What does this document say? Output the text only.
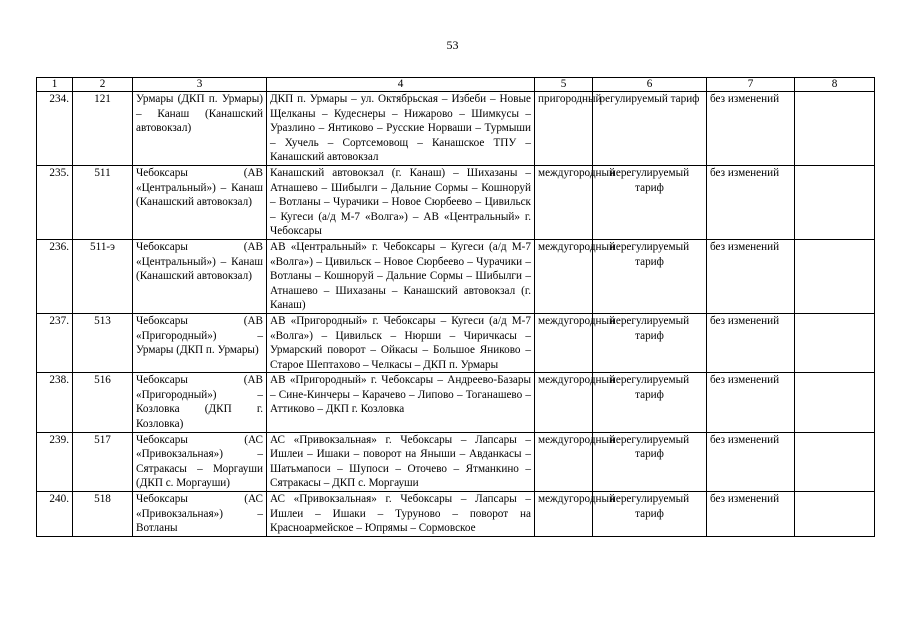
53
1	2	3	4	5	6	7	8
234.	121	Урмары (ДКП п. Урмары) – Канаш (Канашский автовокзал)	ДКП п. Урмары – ул. Октябрьская – Избеби – Новые Щелканы – Кудеснеры – Нижарово – Шимкусы – Уразлино – Янтиково – Русские Норваши – Турмыши – Хучель – Сортсемовощ – Канашское ТПУ – Канашский автовокзал	пригородный	регулируемый тариф	без изменений	
235.	511	Чебоксары (АВ «Центральный») – Канаш (Канашский автовокзал)	Канашский автовокзал (г. Канаш) – Шихазаны – Атнашево – Шибылги – Дальние Сормы – Кошноруй – Вотланы – Чурачики – Новое Сюрбеево – Цивильск – Кугеси (а/д М-7 «Волга») – АВ «Центральный» г. Чебоксары	междугородный	нерегулируемый тариф	без изменений	
236.	511-э	Чебоксары (АВ «Центральный») – Канаш (Канашский автовокзал)	АВ «Центральный» г. Чебоксары – Кугеси (а/д М-7 «Волга») – Цивильск – Новое Сюрбеево – Чурачики – Вотланы – Кошноруй – Дальние Сормы – Шибылги – Атнашево – Шихазаны – Канашский автовокзал (г. Канаш)	междугородный	нерегулируемый тариф	без изменений	
237.	513	Чебоксары (АВ «Пригородный») – Урмары (ДКП п. Урмары)	АВ «Пригородный» г. Чебоксары – Кугеси (а/д М-7 «Волга») – Цивильск – Нюрши – Чиричкасы – Урмарский поворот – Ойкасы – Большое Яниково – Старое Шептахово – Челкасы – ДКП п. Урмары	междугородный	нерегулируемый тариф	без изменений	
238.	516	Чебоксары (АВ «Пригородный») – Козловка (ДКП г. Козловка)	АВ «Пригородный» г. Чебоксары – Андреево-Базары – Сине-Кинчеры – Карачево – Липово – Тоганашево – Аттиково – ДКП г. Козловка	междугородный	нерегулируемый тариф	без изменений	
239.	517	Чебоксары (АС «Привокзальная») – Сятракасы – Моргауши (ДКП с. Моргауши)	АС «Привокзальная» г. Чебоксары – Лапсары – Ишлеи – Ишаки – поворот на Яныши – Авданкасы – Шатьмапоси – Шупоси – Оточево – Ятманкино – Сятракасы – ДКП с. Моргауши	междугородный	нерегулируемый тариф	без изменений	
240.	518	Чебоксары (АС «Привокзальная») – Вотланы	АС «Привокзальная» г. Чебоксары – Лапсары – Ишлеи – Ишаки – Туруново – поворот на Красноармейское – Юпрямы – Сормовское	междугородный	нерегулируемый тариф	без изменений	
